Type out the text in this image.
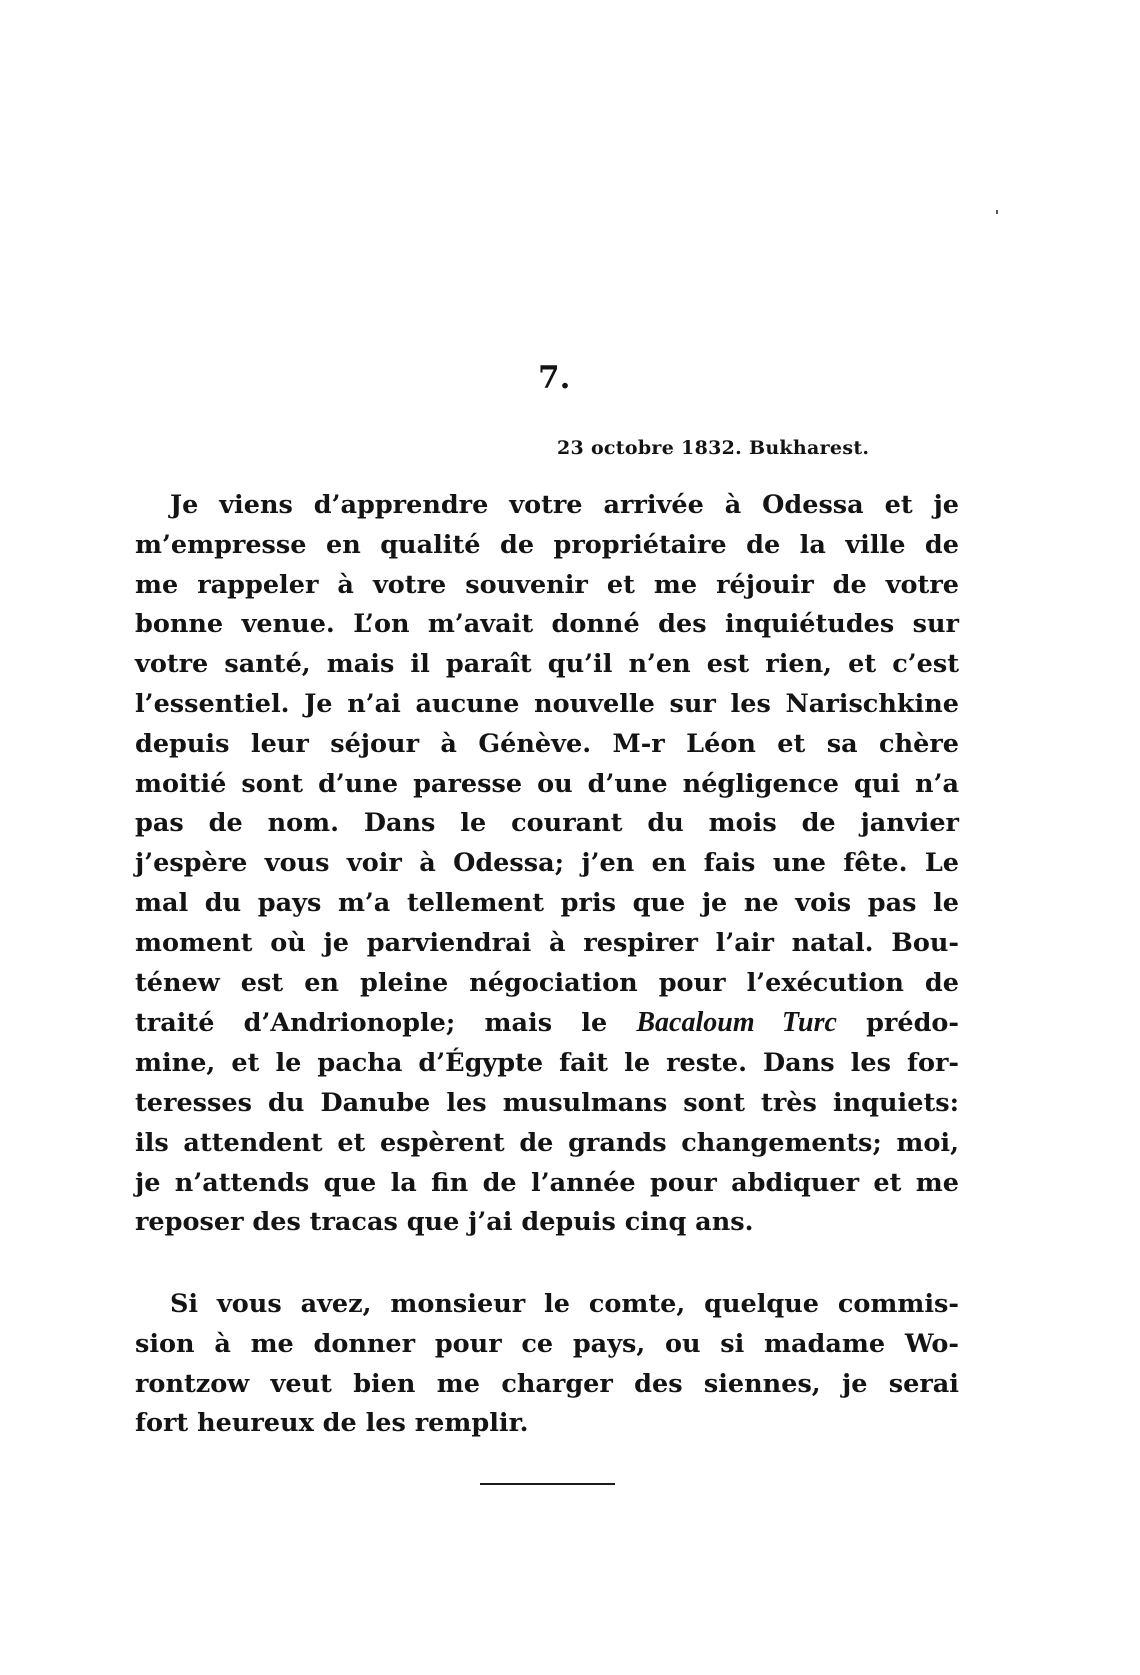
7.
23 octobre 1832. Bukharest.
Je viens d’apprendre votre arrivée à Odessa et je
m’empresse en qualité de propriétaire de la ville de
me rappeler à votre souvenir et me réjouir de votre
bonne venue. L’on m’avait donné des inquiétudes sur
votre santé, mais il paraît qu’il n’en est rien, et c’est
l’essentiel. Je n’ai aucune nouvelle sur les Narischkine
depuis leur séjour à Génève. M-r Léon et sa chère
moitié sont d’une paresse ou d’une négligence qui n’a
pas de nom. Dans le courant du mois de janvier
j’espère vous voir à Odessa; j’en en fais une fête. Le
mal du pays m’a tellement pris que je ne vois pas le
moment où je parviendrai à respirer l’air natal. Bou-
ténew est en pleine négociation pour l’exécution de
traité d’Andrionople; mais le Bacaloum Turc prédo-
mine, et le pacha d’Égypte fait le reste. Dans les for-
teresses du Danube les musulmans sont très inquiets:
ils attendent et espèrent de grands changements; moi,
je n’attends que la fin de l’année pour abdiquer et me
reposer des tracas que j’ai depuis cinq ans.
Si vous avez, monsieur le comte, quelque commis-
sion à me donner pour ce pays, ou si madame Wo-
rontzow veut bien me charger des siennes, je serai
fort heureux de les remplir.
